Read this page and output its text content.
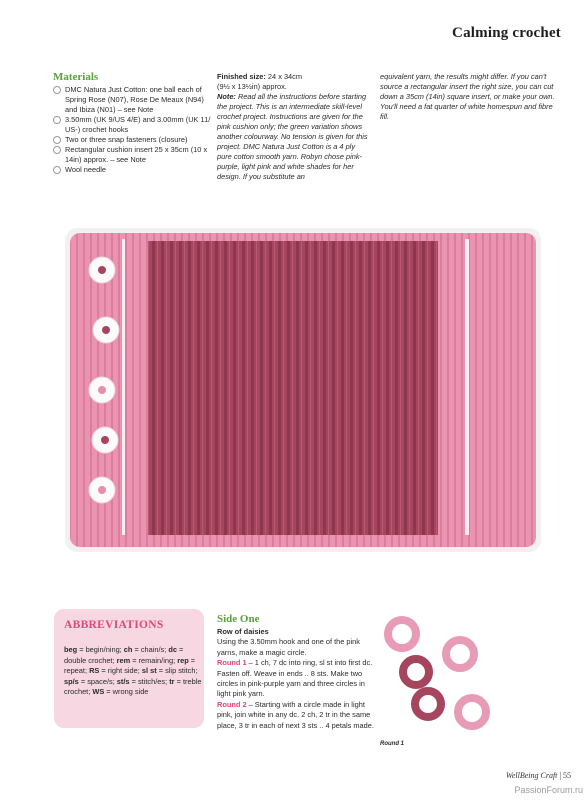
Calming crochet
Materials
DMC Natura Just Cotton: one ball each of Spring Rose (N07), Rose De Meaux (N94) and Ibiza (N01) – see Note
3.50mm (UK 9/US 4/E) and 3.00mm (UK 11/ US-) crochet hooks
Two or three snap fasteners (closure)
Rectangular cushion insert 25 x 35cm (10 x 14in) approx. – see Note
Wool needle
Finished size: 24 x 34cm
(9½ x 13½in) approx.
Note: Read all the instructions before starting the project. This is an intermediate skill-level crochet project. Instructions are given for the pink cushion only; the green variation shows another colourway. No tension is given for this project. DMC Natura Just Cotton is a 4 ply pure cotton smooth yarn. Robyn chose pink-purple, light pink and white shades for her design. If you substitute an
equivalent yarn, the results might differ. If you can't source a rectangular insert the right size, you can cut down a 35cm (14in) square insert, or make your own. You'll need a fat quarter of white homespun and fibre fill.
ABBREVIATIONS
beg = begin/ning; ch = chain/s; dc = double crochet; rem = remain/ing; rep = repeat; RS = right side; sl st = slip stitch; sp/s = space/s; st/s = stitch/es; tr = treble crochet; WS = wrong side
Side One
Row of daisies
Using the 3.50mm hook and one of the pink yarns, make a magic circle.
Round 1 – 1 ch, 7 dc into ring, sl st into first dc. Fasten off. Weave in ends .. 8 sts. Make two circles in pink-purple yarn and three circles in light pink yarn.
Round 2 – Starting with a circle made in light pink, join white in any dc. 2 ch, 2 tr in the same place, 3 tr in each of next 3 sts .. 4 petals made.
Round 1
WellBeing Craft | 55
PassionForum.ru
